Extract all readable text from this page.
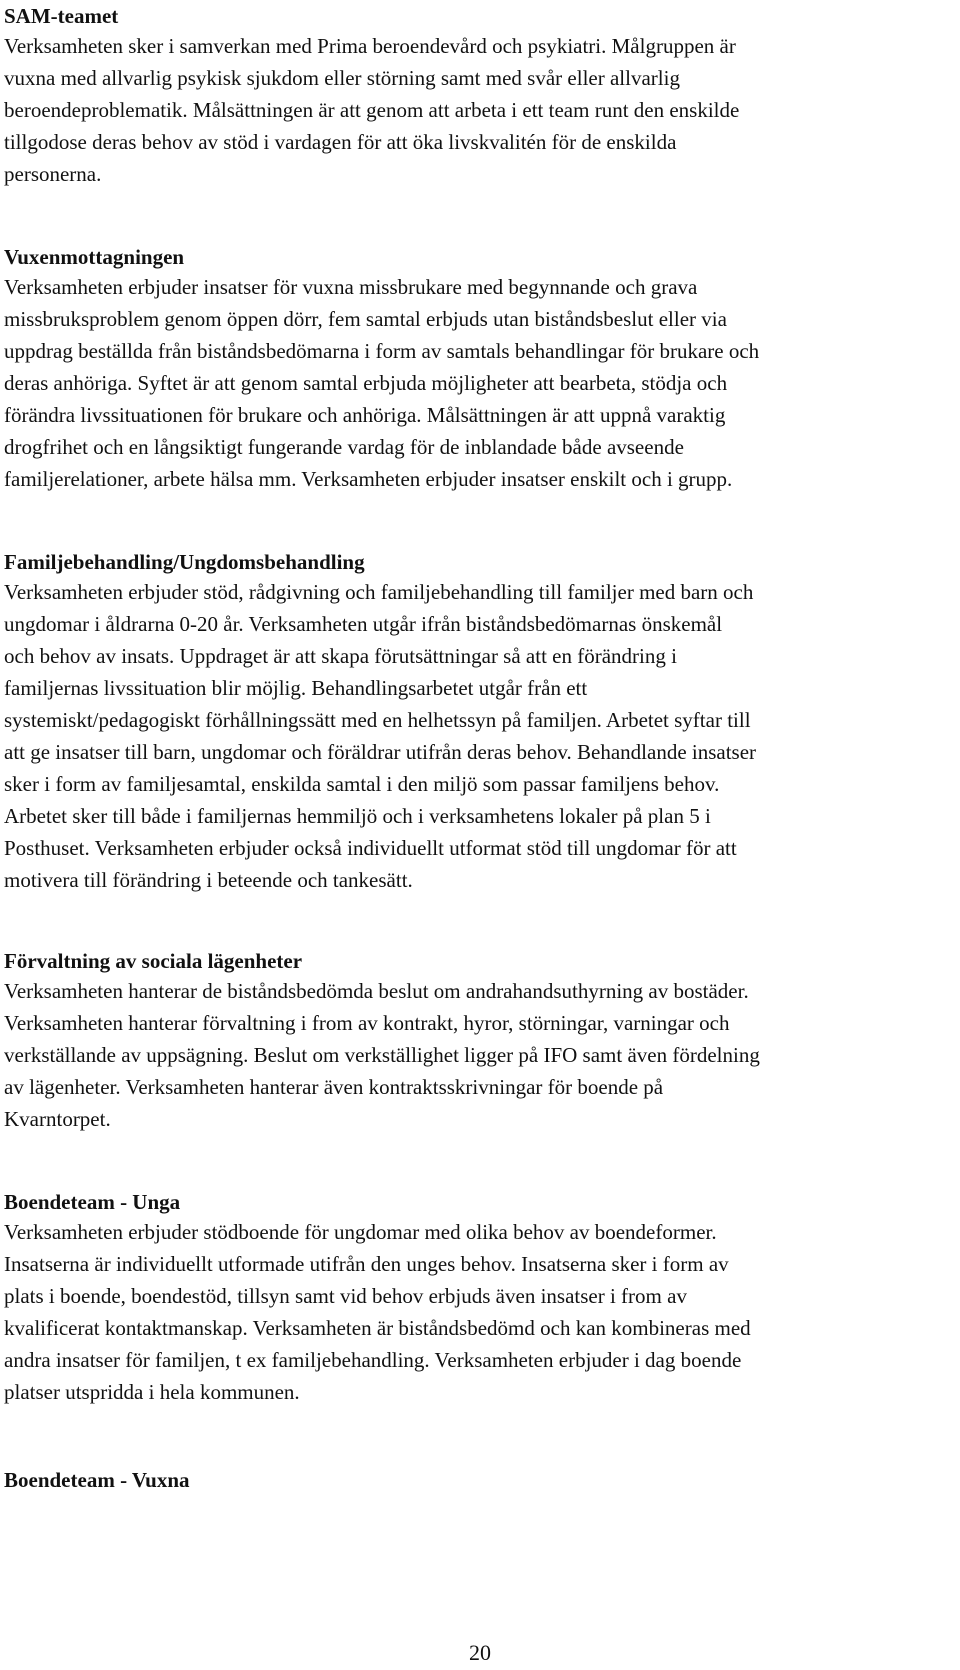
SAM-teamet

Verksamheten sker i samverkan med Prima beroendevård och psykiatri. Målgruppen är

vuxna med allvarlig psykisk sjukdom eller störning samt med svår eller allvarlig

beroendeproblematik. Målsättningen är att genom att arbeta i ett team runt den enskilde

tillgodose deras behov av stöd i vardagen för att öka livskvalitén för de enskilda

personerna.

Vuxenmottagningen

Verksamheten erbjuder insatser för vuxna missbrukare med begynnande och grava

missbruksproblem genom öppen dörr, fem samtal erbjuds utan biståndsbeslut eller via

uppdrag beställda från biståndsbedömarna i form av samtals behandlingar för brukare och

deras anhöriga. Syftet är att genom samtal erbjuda möjligheter att bearbeta, stödja och

förändra livssituationen för brukare och anhöriga. Målsättningen är att uppnå varaktig

drogfrihet och en långsiktigt fungerande vardag för de inblandade både avseende

familjerelationer, arbete hälsa mm. Verksamheten erbjuder insatser enskilt och i grupp.

Familjebehandling/Ungdomsbehandling

Verksamheten erbjuder stöd, rådgivning och familjebehandling till familjer med barn och

ungdomar i åldrarna 0-20 år. Verksamheten utgår ifrån biståndsbedömarnas önskemål

och behov av insats. Uppdraget är att skapa förutsättningar så att en förändring i

familjernas livssituation blir möjlig. Behandlingsarbetet utgår från ett

systemiskt/pedagogiskt förhållningssätt med en helhetssyn på familjen. Arbetet syftar till

att ge insatser till barn, ungdomar och föräldrar utifrån deras behov. Behandlande insatser

sker i form av familjesamtal, enskilda samtal i den miljö som passar familjens behov.

Arbetet sker till både i familjernas hemmiljö och i verksamhetens lokaler på plan 5 i

Posthuset. Verksamheten erbjuder också individuellt utformat stöd till ungdomar för att

motivera till förändring i beteende och tankesätt.

Förvaltning av sociala lägenheter

Verksamheten hanterar de biståndsbedömda beslut om andrahandsuthyrning av bostäder.

Verksamheten hanterar förvaltning i from av kontrakt, hyror, störningar, varningar och

verkställande av uppsägning. Beslut om verkställighet ligger på IFO samt även fördelning

av lägenheter. Verksamheten hanterar även kontraktsskrivningar för boende på

Kvarntorpet.

Boendeteam - Unga

Verksamheten erbjuder stödboende för ungdomar med olika behov av boendeformer.

Insatserna är individuellt utformade utifrån den unges behov. Insatserna sker i form av

plats i boende, boendestöd, tillsyn samt vid behov erbjuds även insatser i from av

kvalificerat kontaktmanskap. Verksamheten är biståndsbedömd och kan kombineras med

andra insatser för familjen, t ex familjebehandling. Verksamheten erbjuder i dag boende

platser utspridda i hela kommunen.

Boendeteam - Vuxna

20
